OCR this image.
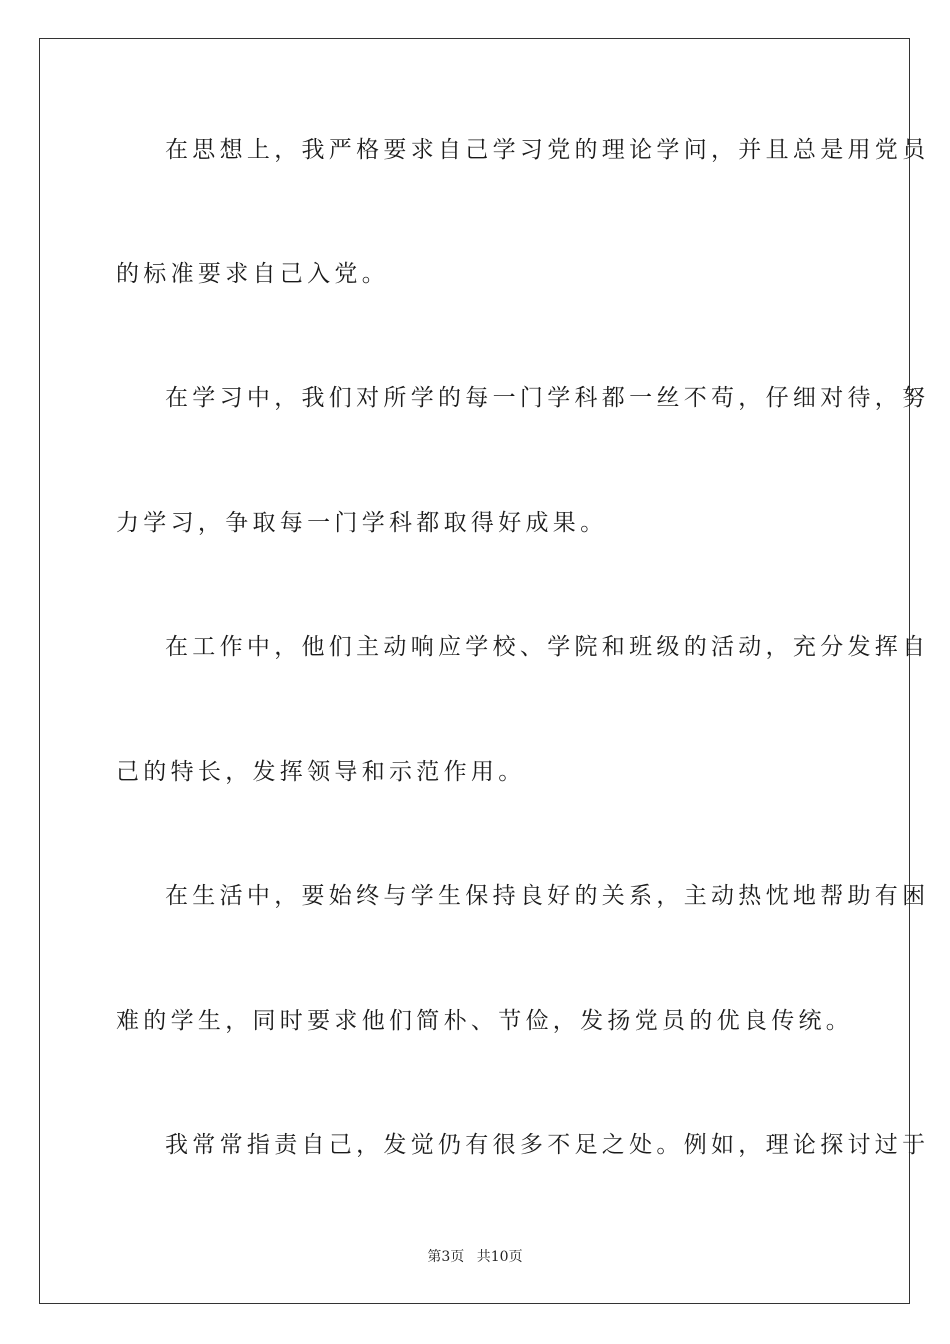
在思想上，我严格要求自己学习党的理论学问，并且总是用党员
的标准要求自己入党。
在学习中，我们对所学的每一门学科都一丝不苟，仔细对待，努
力学习，争取每一门学科都取得好成果。
在工作中，他们主动响应学校、学院和班级的活动，充分发挥自
己的特长，发挥领导和示范作用。
在生活中，要始终与学生保持良好的关系，主动热忱地帮助有困
难的学生，同时要求他们简朴、节俭，发扬党员的优良传统。
我常常指责自己，发觉仍有很多不足之处。例如，理论探讨过于
第3页 共10页
